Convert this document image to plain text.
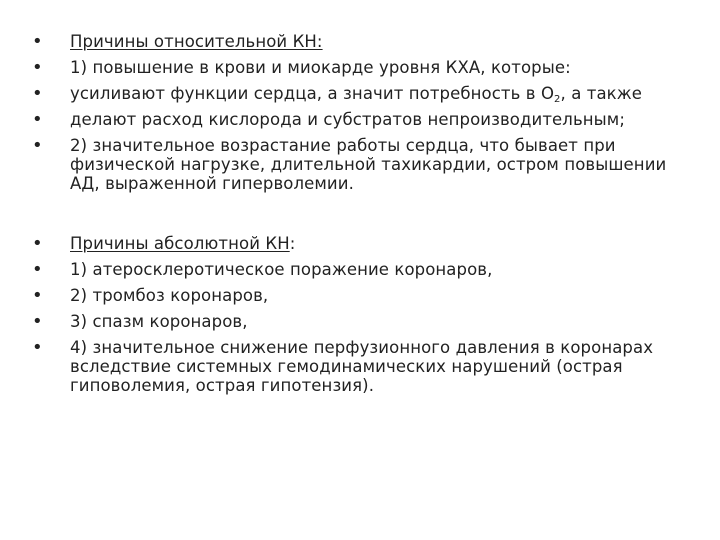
•
Причины относительной КН:
•
1) повышение в крови и миокарде уровня КХА, которые:
•
усиливают функции сердца, а значит потребность в $О_2$, а также
•
делают расход кислорода и субстратов непроизводительным;
•
2) значительное возрастание работы сердца, что бывает при физической нагрузке, длительной тахикардии, остром повышении АД, выраженной гиперволемии.
•
Причины абсолютной КН:
•
1) атеросклеротическое поражение коронаров,
•
2) тромбоз коронаров,
•
3) спазм коронаров,
•
4) значительное снижение перфузионного давления в коронарах вследствие системных гемодинамических нарушений (острая гиповолемия, острая гипотензия).
